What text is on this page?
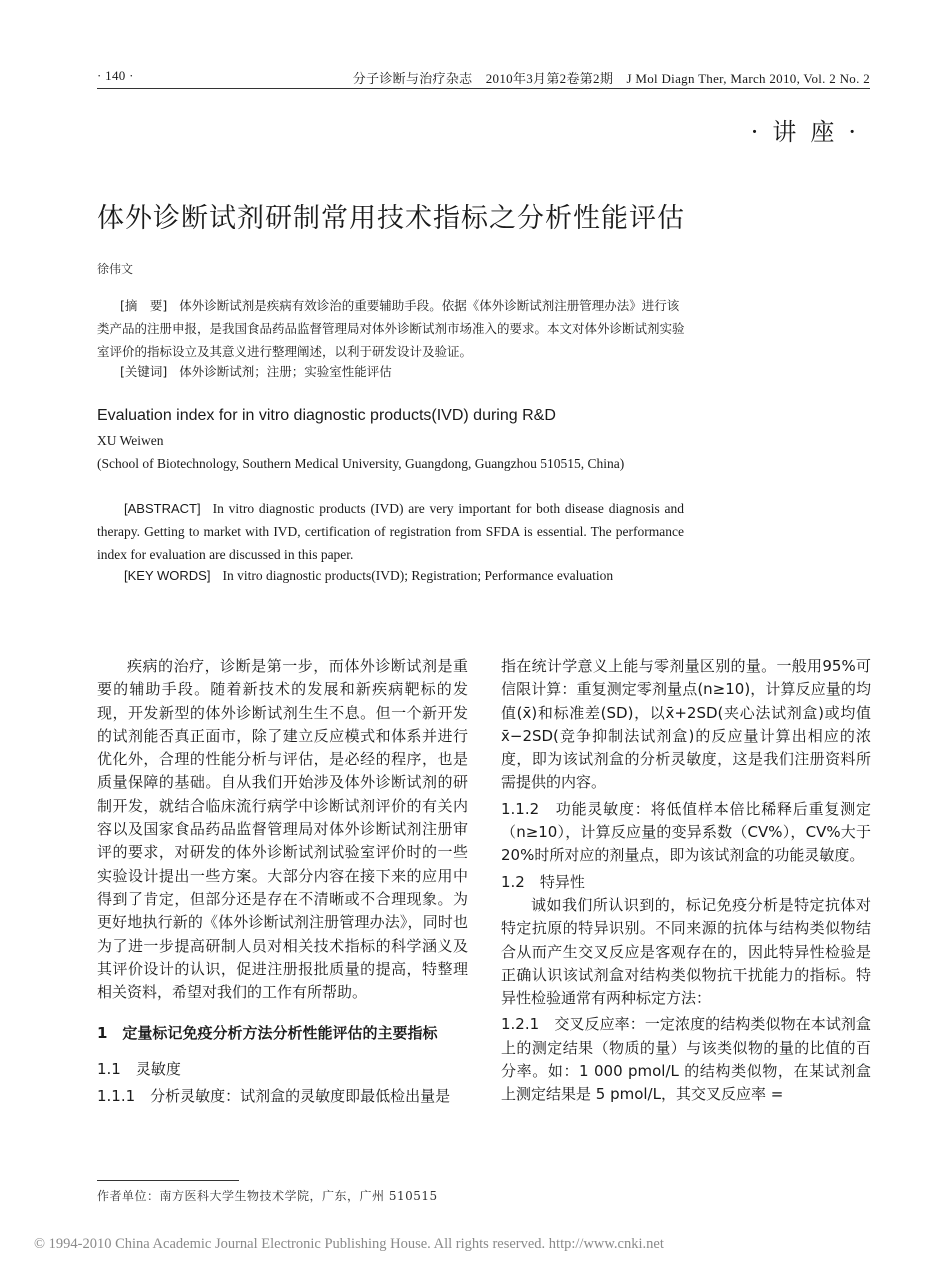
· 140 ·	分子诊断与治疗杂志　2010年3月第2卷第2期　J Mol Diagn Ther, March 2010, Vol. 2 No. 2
·讲座·
体外诊断试剂研制常用技术指标之分析性能评估
徐伟文
[摘　要] 体外诊断试剂是疾病有效诊治的重要辅助手段。依据《体外诊断试剂注册管理办法》进行该类产品的注册申报，是我国食品药品监督管理局对体外诊断试剂市场准入的要求。本文对体外诊断试剂实验室评价的指标设立及其意义进行整理阐述，以利于研发设计及验证。
[关键词] 体外诊断试剂；注册；实验室性能评估
Evaluation index for in vitro diagnostic products(IVD) during R&D
XU Weiwen
(School of Biotechnology, Southern Medical University, Guangdong, Guangzhou 510515, China)
[ABSTRACT] In vitro diagnostic products (IVD) are very important for both disease diagnosis and therapy. Getting to market with IVD, certification of registration from SFDA is essential. The performance index for evaluation are discussed in this paper.
[KEY WORDS] In vitro diagnostic products(IVD); Registration; Performance evaluation

疾病的治疗，诊断是第一步，而体外诊断试剂是重要的辅助手段。随着新技术的发展和新疾病靶标的发现，开发新型的体外诊断试剂生生不息。但一个新开发的试剂能否真正面市，除了建立反应模式和体系并进行优化外，合理的性能分析与评估，是必经的程序，也是质量保障的基础。自从我们开始涉及体外诊断试剂的研制开发，就结合临床流行病学中诊断试剂评价的有关内容以及国家食品药品监督管理局对体外诊断试剂注册审评的要求，对研发的体外诊断试剂试验室评价时的一些实验设计提出一些方案。大部分内容在接下来的应用中得到了肯定，但部分还是存在不清晰或不合理现象。为更好地执行新的《体外诊断试剂注册管理办法》，同时也为了进一步提高研制人员对相关技术指标的科学涵义及其评价设计的认识，促进注册报批质量的提高，特整理相关资料，希望对我们的工作有所帮助。

1　定量标记免疫分析方法分析性能评估的主要指标

1.1　灵敏度

1.1.1　分析灵敏度：试剂盒的灵敏度即最低检出量是

指在统计学意义上能与零剂量区别的量。一般用95%可信限计算：重复测定零剂量点(n≥10)，计算反应量的均值(x̄)和标准差(SD)，以x̄+2SD(夹心法试剂盒)或均值x̄−2SD(竞争抑制法试剂盒)的反应量计算出相应的浓度，即为该试剂盒的分析灵敏度，这是我们注册资料所需提供的内容。

1.1.2　功能灵敏度：将低值样本倍比稀释后重复测定（n≥10），计算反应量的变异系数（CV%），CV%大于20%时所对应的剂量点，即为该试剂盒的功能灵敏度。

1.2　特异性

诚如我们所认识到的，标记免疫分析是特定抗体对特定抗原的特异识别。不同来源的抗体与结构类似物结合从而产生交叉反应是客观存在的，因此特异性检验是正确认识该试剂盒对结构类似物抗干扰能力的指标。特异性检验通常有两种标定方法：

1.2.1　交叉反应率：一定浓度的结构类似物在本试剂盒上的测定结果（物质的量）与该类似物的量的比值的百分率。如：1 000 pmol/L 的结构类似物，在某试剂盒上测定结果是 5 pmol/L，其交叉反应率 =

作者单位：南方医科大学生物技术学院，广东，广州 510515
© 1994-2010 China Academic Journal Electronic Publishing House. All rights reserved. http://www.cnki.net
